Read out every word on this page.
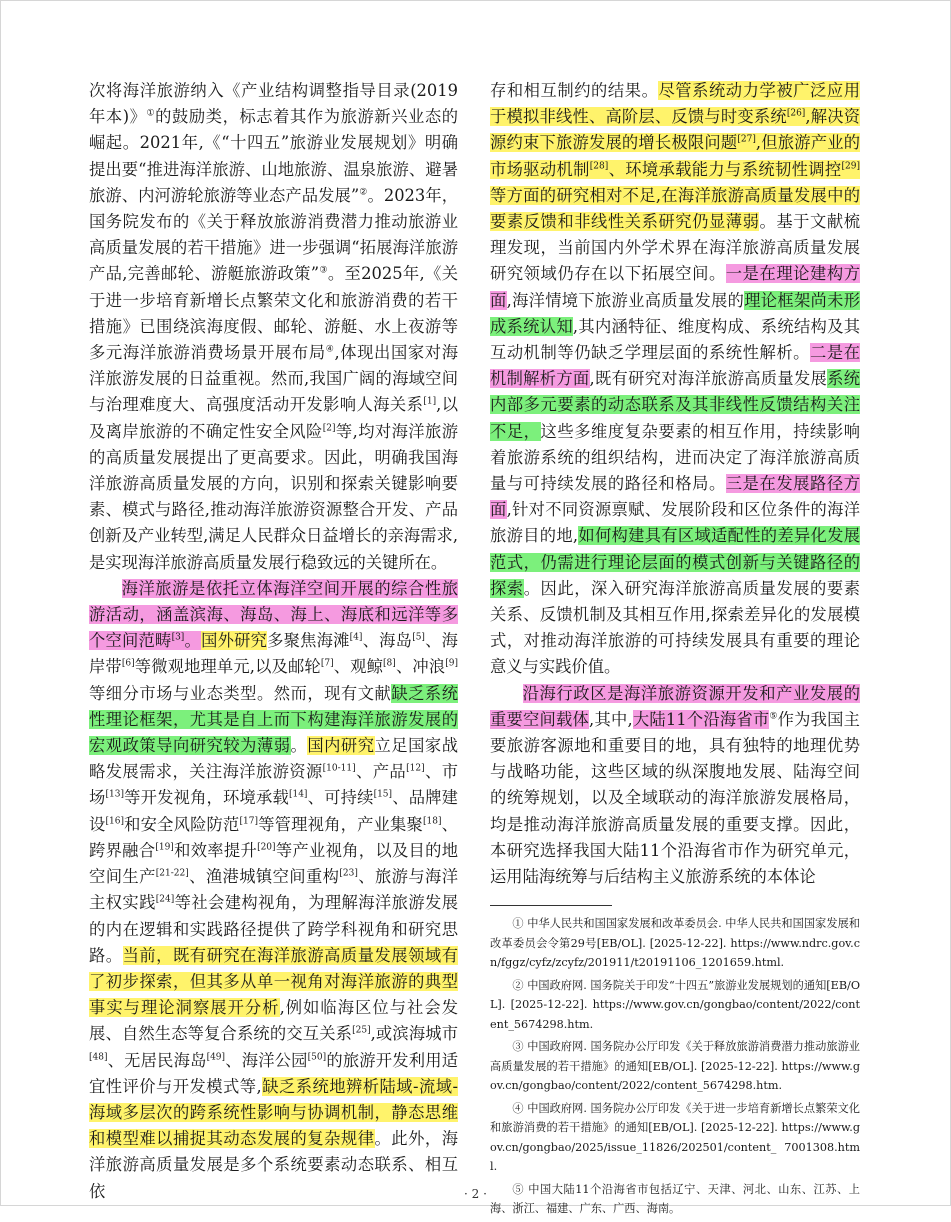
次将海洋旅游纳入《产业结构调整指导目录(2019年本)》①的鼓励类，标志着其作为旅游新兴业态的崛起。2021年,《“十四五”旅游业发展规划》明确提出要“推进海洋旅游、山地旅游、温泉旅游、避暑旅游、内河游轮旅游等业态产品发展”②。2023年，国务院发布的《关于释放旅游消费潜力推动旅游业高质量发展的若干措施》进一步强调“拓展海洋旅游产品,完善邮轮、游艇旅游政策”③。至2025年,《关于进一步培育新增长点繁荣文化和旅游消费的若干措施》已围绕滨海度假、邮轮、游艇、水上夜游等多元海洋旅游消费场景开展布局④,体现出国家对海洋旅游发展的日益重视。然而,我国广阔的海域空间与治理难度大、高强度活动开发影响人海关系[1],以及离岸旅游的不确定性安全风险[2]等,均对海洋旅游的高质量发展提出了更高要求。因此，明确我国海洋旅游高质量发展的方向，识别和探索关键影响要素、模式与路径,推动海洋旅游资源整合开发、产品创新及产业转型,满足人民群众日益增长的亲海需求,是实现海洋旅游高质量发展行稳致远的关键所在。

海洋旅游是依托立体海洋空间开展的综合性旅游活动，涵盖滨海、海岛、海上、海底和远洋等多个空间范畴[3]。国外研究多聚焦海滩[4]、海岛[5]、海岸带[6]等微观地理单元,以及邮轮[7]、观鲸[8]、冲浪[9]等细分市场与业态类型。然而，现有文献缺乏系统性理论框架，尤其是自上而下构建海洋旅游发展的宏观政策导向研究较为薄弱。国内研究立足国家战略发展需求，关注海洋旅游资源[10-11]、产品[12]、市场[13]等开发视角，环境承载[14]、可持续[15]、品牌建设[16]和安全风险防范[17]等管理视角，产业集聚[18]、跨界融合[19]和效率提升[20]等产业视角，以及目的地空间生产[21-22]、渔港城镇空间重构[23]、旅游与海洋主权实践[24]等社会建构视角，为理解海洋旅游发展的内在逻辑和实践路径提供了跨学科视角和研究思路。当前，既有研究在海洋旅游高质量发展领域有了初步探索，但其多从单一视角对海洋旅游的典型事实与理论洞察展开分析,例如临海区位与社会发展、自然生态等复合系统的交互关系[25],或滨海城市[48]、无居民海岛[49]、海洋公园[50]的旅游开发利用适宜性评价与开发模式等,缺乏系统地辨析陆域-流域-海域多层次的跨系统性影响与协调机制，静态思维和模型难以捕捉其动态发展的复杂规律。此外，海洋旅游高质量发展是多个系统要素动态联系、相互依

存和相互制约的结果。尽管系统动力学被广泛应用于模拟非线性、高阶层、反馈与时变系统[26],解决资源约束下旅游发展的增长极限问题[27],但旅游产业的市场驱动机制[28]、环境承载能力与系统韧性调控[29]等方面的研究相对不足,在海洋旅游高质量发展中的要素反馈和非线性关系研究仍显薄弱。基于文献梳理发现，当前国内外学术界在海洋旅游高质量发展研究领域仍存在以下拓展空间。一是在理论建构方面,海洋情境下旅游业高质量发展的理论框架尚未形成系统认知,其内涵特征、维度构成、系统结构及其互动机制等仍缺乏学理层面的系统性解析。二是在机制解析方面,既有研究对海洋旅游高质量发展系统内部多元要素的动态联系及其非线性反馈结构关注不足，这些多维度复杂要素的相互作用，持续影响着旅游系统的组织结构，进而决定了海洋旅游高质量与可持续发展的路径和格局。三是在发展路径方面,针对不同资源禀赋、发展阶段和区位条件的海洋旅游目的地,如何构建具有区域适配性的差异化发展范式，仍需进行理论层面的模式创新与关键路径的探索。因此，深入研究海洋旅游高质量发展的要素关系、反馈机制及其相互作用,探索差异化的发展模式，对推动海洋旅游的可持续发展具有重要的理论意义与实践价值。

沿海行政区是海洋旅游资源开发和产业发展的重要空间载体,其中,大陆11个沿海省市⑤作为我国主要旅游客源地和重要目的地，具有独特的地理优势与战略功能，这些区域的纵深腹地发展、陆海空间的统筹规划，以及全域联动的海洋旅游发展格局，均是推动海洋旅游高质量发展的重要支撑。因此，本研究选择我国大陆11个沿海省市作为研究单元，运用陆海统筹与后结构主义旅游系统的本体论

① 中华人民共和国国家发展和改革委员会. 中华人民共和国国家发展和改革委员会令第29号[EB/OL]. [2025-12-22]. https://www.ndrc.gov.cn/fggz/cyfz/zcyfz/201911/t20191106_1201659.html.

② 中国政府网. 国务院关于印发“十四五”旅游业发展规划的通知[EB/OL]. [2025-12-22]. https://www.gov.cn/gongbao/content/2022/content_5674298.htm.

③ 中国政府网. 国务院办公厅印发《关于释放旅游消费潜力推动旅游业高质量发展的若干措施》的通知[EB/OL]. [2025-12-22]. https://www.gov.cn/gongbao/content/2022/content_5674298.htm.

④ 中国政府网. 国务院办公厅印发《关于进一步培育新增长点繁荣文化和旅游消费的若干措施》的通知[EB/OL]. [2025-12-22]. https://www.gov.cn/gongbao/2025/issue_11826/202501/content_ 7001308.html.

⑤ 中国大陆11个沿海省市包括辽宁、天津、河北、山东、江苏、上海、浙江、福建、广东、广西、海南。

· 2 ·
